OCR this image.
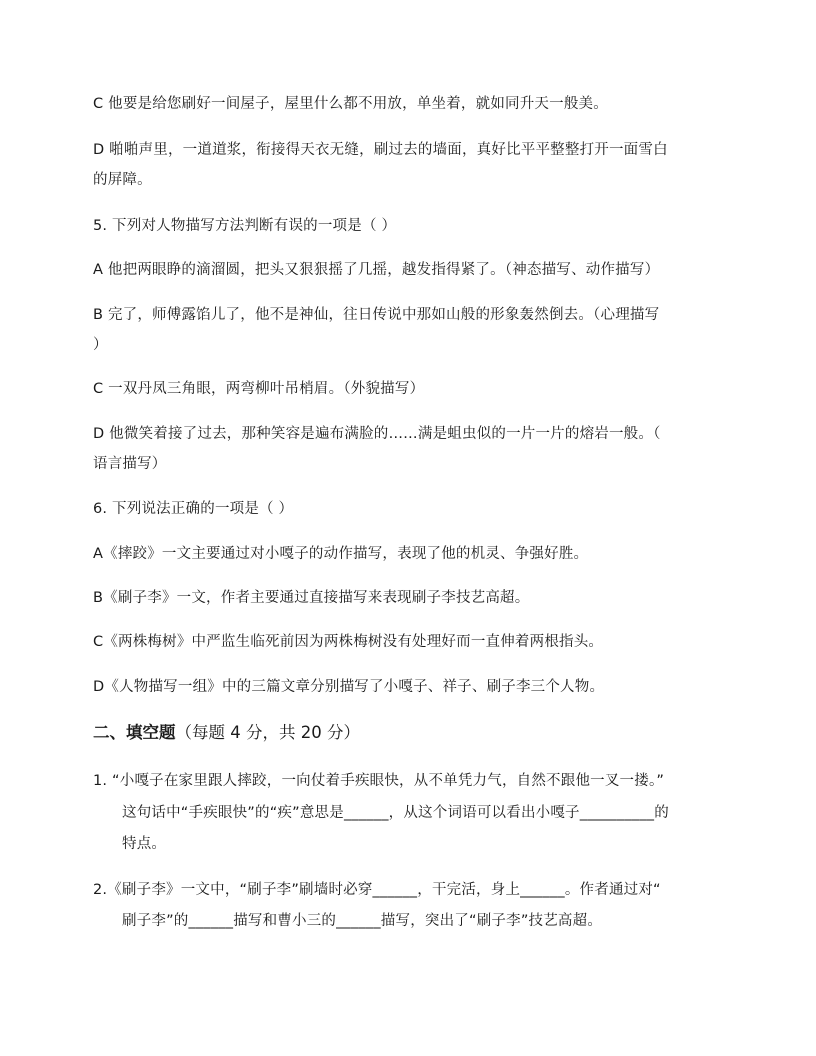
C 他要是给您刷好一间屋子，屋里什么都不用放，单坐着，就如同升天一般美。
D 啪啪声里，一道道浆，衔接得天衣无缝，刷过去的墙面，真好比平平整整打开一面雪白
的屏障。
5. 下列对人物描写方法判断有误的一项是（ ）
A 他把两眼睁的滴溜圆，把头又狠狠摇了几摇，越发指得紧了。（神态描写、动作描写）
B 完了，师傅露馅儿了，他不是神仙，往日传说中那如山般的形象轰然倒去。（心理描写
）
C 一双丹凤三角眼，两弯柳叶吊梢眉。（外貌描写）
D 他微笑着接了过去，那种笑容是遍布满脸的……满是蛆虫似的一片一片的熔岩一般。（
语言描写）
6. 下列说法正确的一项是（ ）
A《摔跤》一文主要通过对小嘎子的动作描写，表现了他的机灵、争强好胜。
B《刷子李》一文，作者主要通过直接描写来表现刷子李技艺高超。
C《两株梅树》中严监生临死前因为两株梅树没有处理好而一直伸着两根指头。
D《人物描写一组》中的三篇文章分别描写了小嘎子、祥子、刷子李三个人物。
二、填空题（每题 4 分，共 20 分）
1. “小嘎子在家里跟人摔跤，一向仗着手疾眼快，从不单凭力气，自然不跟他一叉一搂。”
这句话中“手疾眼快”的“疾”意思是______，从这个词语可以看出小嘎子__________的
特点。
2.《刷子李》一文中，“刷子李”刷墙时必穿______，干完活，身上______。作者通过对“
刷子李”的______描写和曹小三的______描写，突出了“刷子李”技艺高超。
